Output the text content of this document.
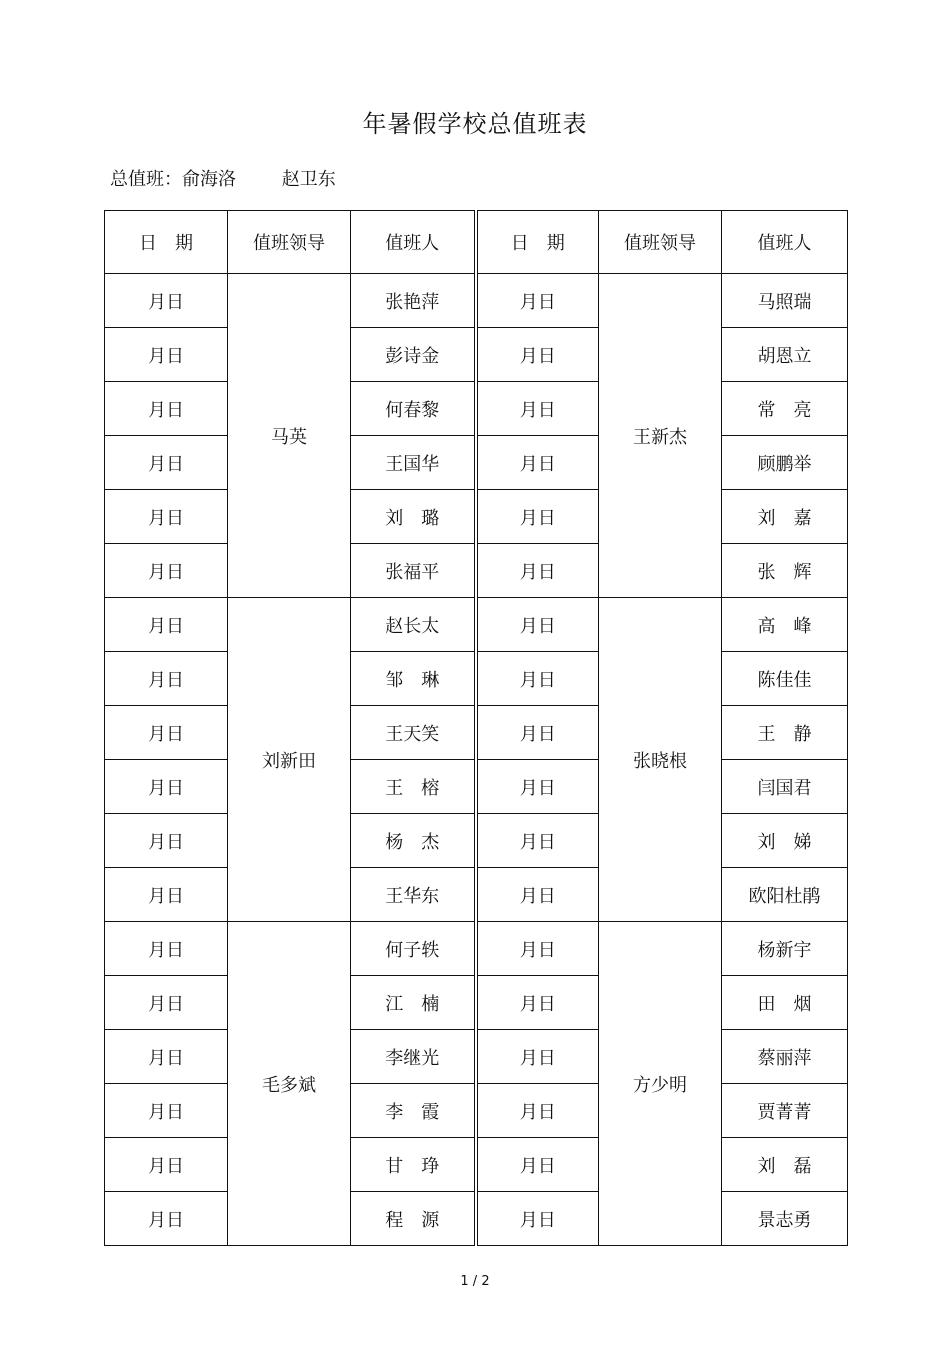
年暑假学校总值班表
总值班：俞海洛	赵卫东
日　期	值班领导	值班人	日　期	值班领导	值班人
月日	马英	张艳萍	月日	王新杰	马照瑞
月日		彭诗金	月日		胡恩立
月日		何春黎	月日		常　亮
月日		王国华	月日		顾鹏举
月日		刘　璐	月日		刘　嘉
月日		张福平	月日		张　辉
月日	刘新田	赵长太	月日	张晓根	高　峰
月日		邹　琳	月日		陈佳佳
月日		王天笑	月日		王　静
月日		王　榕	月日		闫国君
月日		杨　杰	月日		刘　娣
月日		王华东	月日		欧阳杜鹃
月日	毛多斌	何子轶	月日	方少明	杨新宇
月日		江　楠	月日		田　烟
月日		李继光	月日		蔡丽萍
月日		李　霞	月日		贾菁菁
月日		甘　琤	月日		刘　磊
月日		程　源	月日		景志勇
1 / 2
